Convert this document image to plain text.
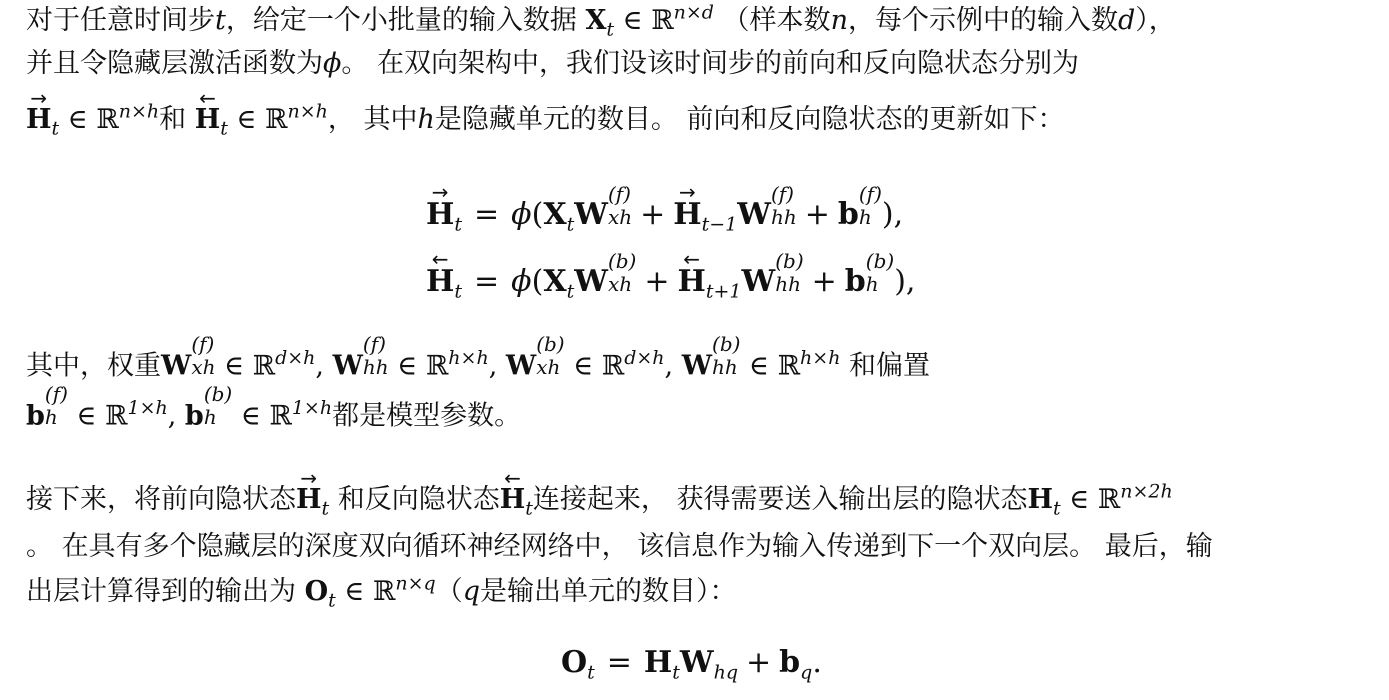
对于任意时间步t，给定一个小批量的输入数据 $X_t$ ∈ ℝ$^{n\times d}$ （样本数n，每个示例中的输入数d），
并且令隐藏层激活函数为ϕ。 在双向架构中，我们设该时间步的前向和反向隐状态分别为
→
$H_t$ ∈ ℝ$^{n\times h}$和
←
$H_t$ ∈ ℝ$^{n\times h}$， 其中h是隐藏单元的数目。 前向和反向隐状态的更新如下：
→
$H_t = \phi(X_tW$
(f)
xh +
→
$H_{t-1}W$
(f)
hh + b
(f)
h ),
←
$H_t = \phi(X_tW$
(b)
xh +
←
$H_{t+1}W$
(b)
hh + b
(b)
h ),
其中，权重W
(f)
xh ∈ ℝ$^{d\times h}$, W
(f)
hh ∈ ℝ$^{h\times h}$, W
(b)
xh ∈ ℝ$^{d\times h}$, W
(b)
hh ∈ ℝ$^{h\times h}$ 和偏置
b
(f)
h ∈ ℝ$^{1\times h}$, b
(b)
h ∈ ℝ$^{1\times h}$都是模型参数。
接下来，将前向隐状态
→
$H_t$ 和反向隐状态
←
$H_t$连接起来， 获得需要送入输出层的隐状态$H_t$ ∈ ℝ$^{n\times 2h}$
。 在具有多个隐藏层的深度双向循环神经网络中， 该信息作为输入传递到下一个双向层。 最后，输
出层计算得到的输出为 $O_t$ ∈ ℝ$^{n\times q}$（q是输出单元的数目）：
$O_t = H_tW_{hq} + b_q$.
